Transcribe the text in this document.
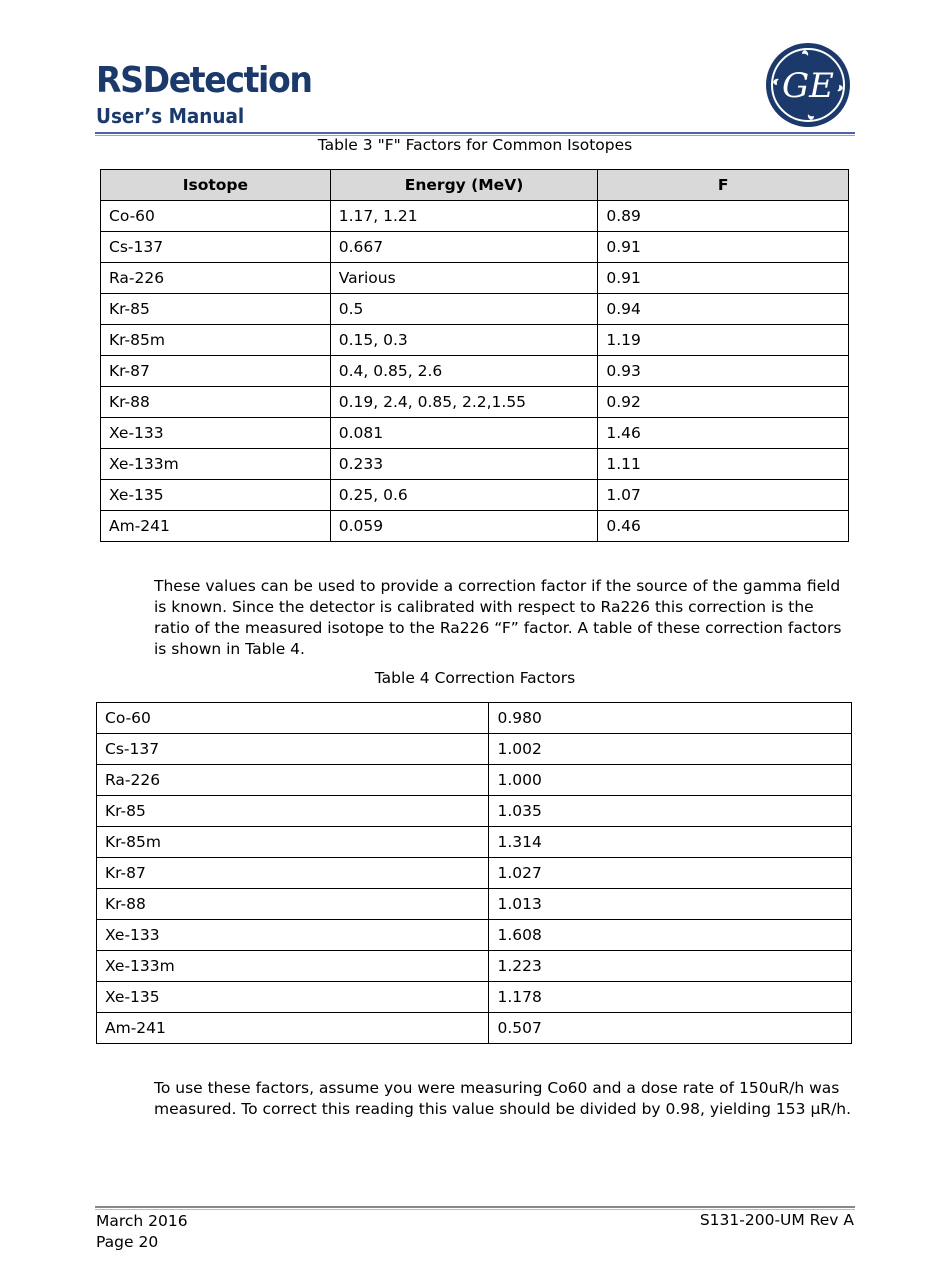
RSDetection
User’s Manual
GE
Table 3 "F" Factors for Common Isotopes
Isotope	Energy (MeV)	F
Co-60	1.17, 1.21	0.89
Cs-137	0.667	0.91
Ra-226	Various	0.91
Kr-85	0.5	0.94
Kr-85m	0.15, 0.3	1.19
Kr-87	0.4, 0.85, 2.6	0.93
Kr-88	0.19, 2.4, 0.85, 2.2,1.55	0.92
Xe-133	0.081	1.46
Xe-133m	0.233	1.11
Xe-135	0.25, 0.6	1.07
Am-241	0.059	0.46
These values can be used to provide a correction factor if the source of the gamma field is known. Since the detector is calibrated with respect to Ra226 this correction is the ratio of the measured isotope to the Ra226 “F” factor. A table of these correction factors is shown in Table 4.
Table 4 Correction Factors
Co-60	0.980
Cs-137	1.002
Ra-226	1.000
Kr-85	1.035
Kr-85m	1.314
Kr-87	1.027
Kr-88	1.013
Xe-133	1.608
Xe-133m	1.223
Xe-135	1.178
Am-241	0.507
To use these factors, assume you were measuring Co60 and a dose rate of 150uR/h was measured. To correct this reading this value should be divided by 0.98, yielding 153 μR/h.
March 2016
Page 20
S131-200-UM Rev A
